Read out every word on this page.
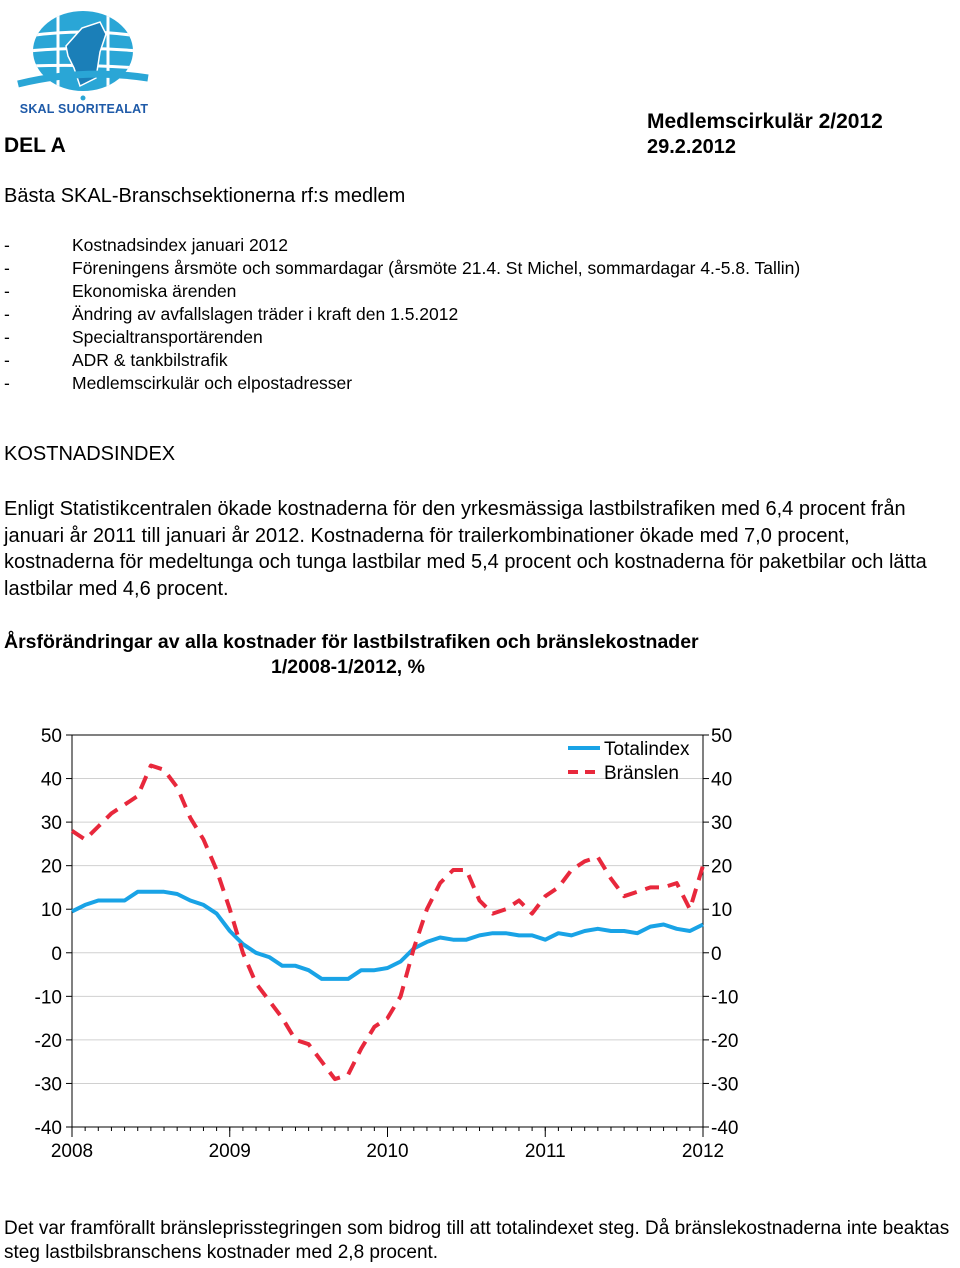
SKAL SUORITEALAT
Medlemscirkulär 2/2012
DEL A	29.2.2012
Bästa SKAL-Branschsektionerna rf:s medlem
-	Kostnadsindex januari 2012
-	Föreningens årsmöte och sommardagar (årsmöte 21.4. St Michel, sommardagar 4.-5.8. Tallin)
-	Ekonomiska ärenden
-	Ändring av avfallslagen träder i kraft den 1.5.2012
-	Specialtransportärenden
-	ADR & tankbilstrafik
-	Medlemscirkulär och elpostadresser
KOSTNADSINDEX

Enligt Statistikcentralen ökade kostnaderna för den yrkesmässiga lastbilstrafiken med 6,4 procent från januari år 2011 till januari år 2012. Kostnaderna för trailerkombinationer ökade med 7,0 procent, kostnaderna för medeltunga och tunga lastbilar med 5,4 procent och kostnaderna för paketbilar och lätta lastbilar med 4,6 procent.

Årsförändringar av alla kostnader för lastbilstrafiken och bränslekostnader
1/2008-1/2012, %
50	50
40	40
30	30
20	20
10	10
0	0
-10	-10
-20	-20
-30	-30
-40	-40
2008	2009	2010	2011	2012
Totalindex
Bränslen

Det var framförallt bränsleprisstegringen som bidrog till att totalindexet steg. Då bränslekostnaderna inte beaktas steg lastbilsbranschens kostnader med 2,8 procent.
